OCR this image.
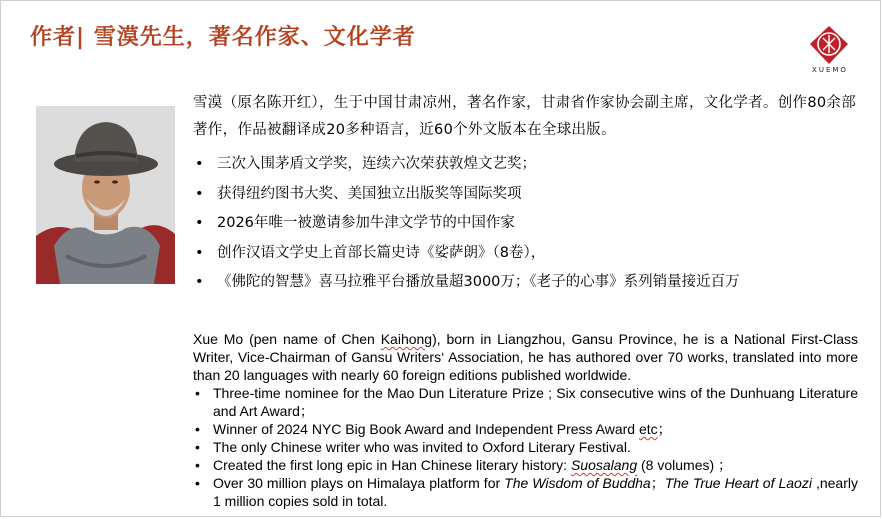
作者| 雪漠先生，著名作家、文化学者
XUEMO

雪漠（原名陈开红），生于中国甘肃凉州，著名作家，甘肃省作家协会副主席，文化学者。创作80余部著作，作品被翻译成20多种语言，近60个外文版本在全球出版。

• 三次入围茅盾文学奖，连续六次荣获敦煌文艺奖；
• 获得纽约图书大奖、美国独立出版奖等国际奖项
• 2026年唯一被邀请参加牛津文学节的中国作家
• 创作汉语文学史上首部长篇史诗《娑萨朗》（8卷），
• 《佛陀的智慧》喜马拉雅平台播放量超3000万；《老子的心事》系列销量接近百万

Xue Mo (pen name of Chen Kaihong), born in Liangzhou, Gansu Province, he is a National First-Class Writer, Vice-Chairman of Gansu Writers‘ Association, he has authored over 70 works, translated into more than 20 languages with nearly 60 foreign editions published worldwide.

• Three-time nominee for the Mao Dun Literature Prize ; Six consecutive wins of the Dunhuang Literature and Art Award；
• Winner of 2024 NYC Big Book Award and Independent Press Award etc；
• The only Chinese writer who was invited to Oxford Literary Festival.
• Created the first long epic in Han Chinese literary history: Suosalang (8 volumes) ；
• Over 30 million plays on Himalaya platform for The Wisdom of Buddha；The True Heart of Laozi ,nearly 1 million copies sold in total.
